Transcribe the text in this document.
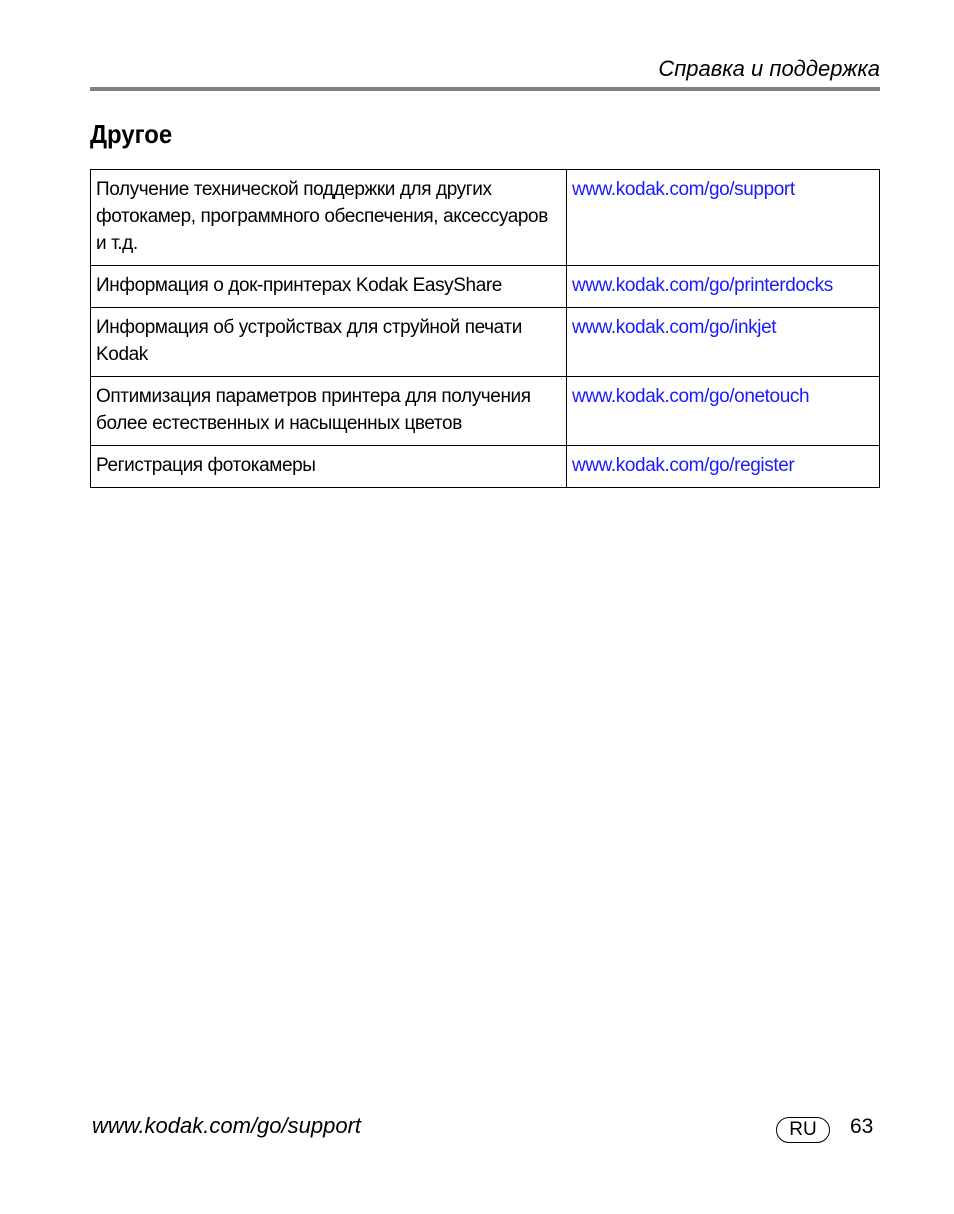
Справка и поддержка
Другое
Получение технической поддержки для других фотокамер, программного обеспечения, аксессуаров и т.д.	www.kodak.com/go/support
Информация о док-принтерах Kodak EasyShare	www.kodak.com/go/printerdocks
Информация об устройствах для струйной печати Kodak	www.kodak.com/go/inkjet
Оптимизация параметров принтера для получения более естественных и насыщенных цветов	www.kodak.com/go/onetouch
Регистрация фотокамеры	www.kodak.com/go/register
www.kodak.com/go/support	RU	63
